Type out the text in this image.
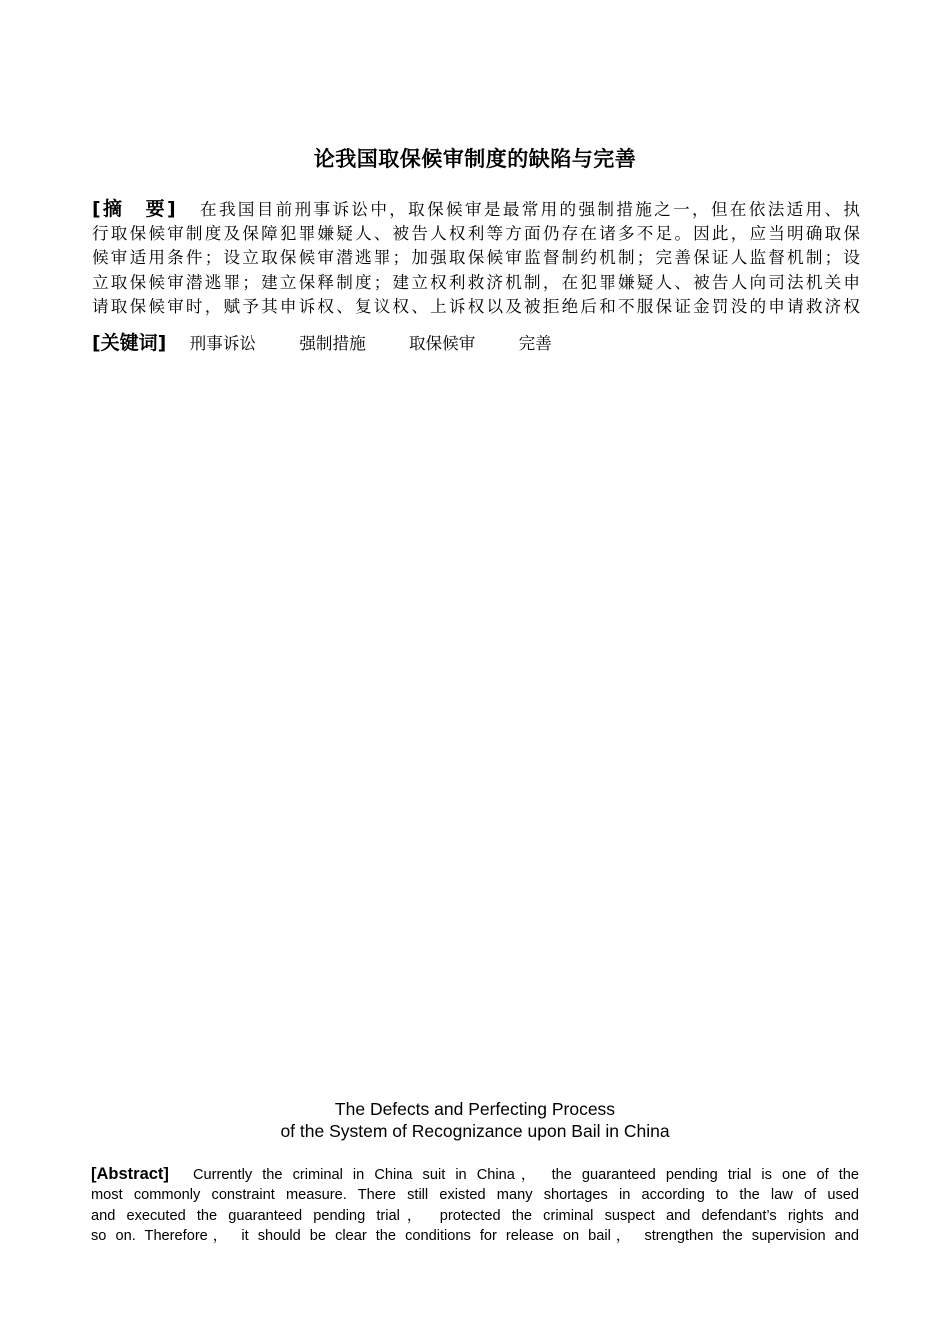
论我国取保候审制度的缺陷与完善
[摘　要] 在我国目前刑事诉讼中，取保候审是最常用的强制措施之一，但在依法适用、执
行取保候审制度及保障犯罪嫌疑人、被告人权利等方面仍存在诸多不足。因此，应当明确取保
候审适用条件；设立取保候审潜逃罪；加强取保候审监督制约机制；完善保证人监督机制；设
立取保候审潜逃罪；建立保释制度；建立权利救济机制，在犯罪嫌疑人、被告人向司法机关申
请取保候审时，赋予其申诉权、复议权、上诉权以及被拒绝后和不服保证金罚没的申请救济权
[关键词] 刑事诉讼	强制措施	取保候审	完善
The Defects and Perfecting Process
of the System of Recognizance upon Bail in China
[Abstract] Currently the criminal in China suit in China， the guaranteed pending trial is one of the
most commonly constraint measure. There still existed many shortages in according to the law of used
and executed the guaranteed pending trial， protected the criminal suspect and defendant’s rights and
so on. Therefore， it should be clear the conditions for release on bail， strengthen the supervision and
